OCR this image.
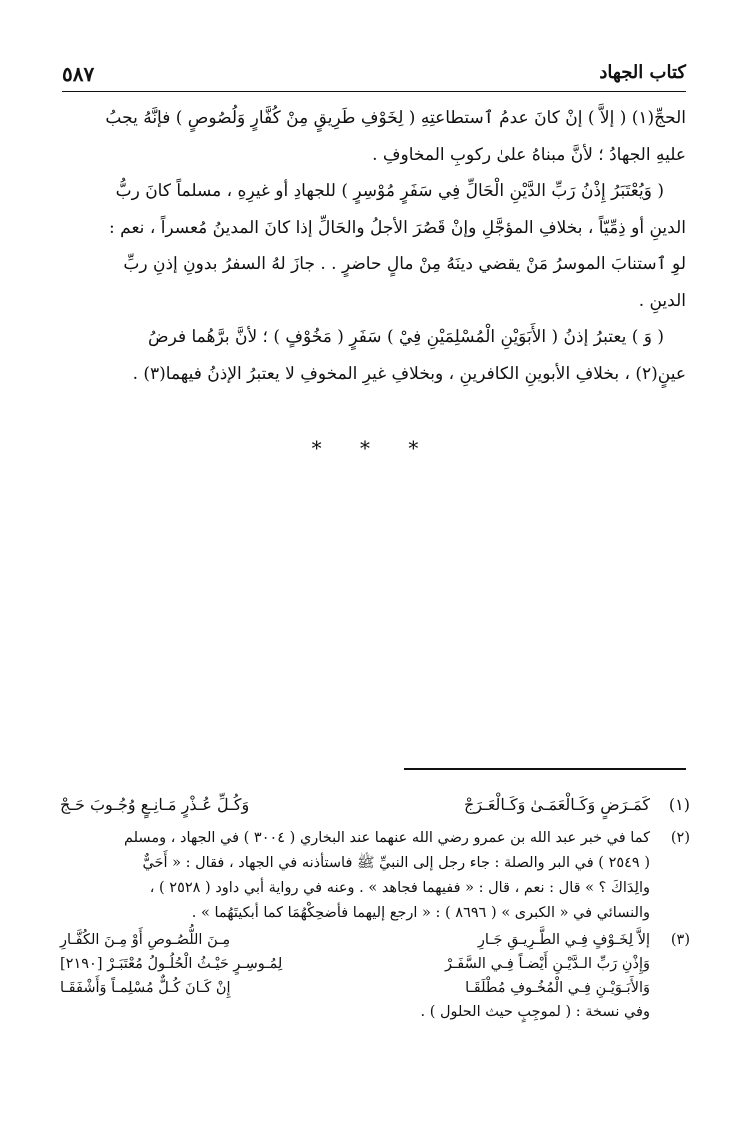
كتاب الجهاد
٥٨٧

الحجِّ(١) ( إلاَّ ) إنْ كانَ عدمُ ٱستطاعتِهِ ( لِخَوْفِ طَرِيقٍ مِنْ كُفَّارٍ وَلُصُوصٍ ) فإنَّهُ يجبُ

عليهِ الجهادُ ؛ لأنَّ مبناهُ علىٰ ركوبِ المخاوفِ .

( وَيُعْتَبَرُ إِذْنُ رَبِّ الدَّيْنِ الْحَالِّ فِي سَفَرٍ مُوْسِرٍ ) للجهادِ أو غيرِهِ ، مسلماً كانَ ربُّ

الدينِ أو ذِمِّيّاً ، بخلافِ المؤجَّلِ وإنْ قَصُرَ الأجلُ والحَالِّ إذا كانَ المدينُ مُعسراً ، نعم :

لوِ ٱستنابَ الموسرُ مَنْ يقضي دينَهُ مِنْ مالٍ حاضرٍ . . جازَ لهُ السفرُ بدونِ إذنِ ربِّ

الدينِ .

( وَ ) يعتبرُ إذنُ ( الأَبَوَيْنِ الْمُسْلِمَيْنِ فِيْ ) سَفَرٍ ( مَخُوْفٍ ) ؛ لأنَّ برَّهُما فرضُ

عينٍ(٢) ، بخلافِ الأبوينِ الكافرينِ ، وبخلافِ غيرِ المخوفِ لا يعتبرُ الإذنُ فيهما(٣) .

* * *
(١)
كَمَـرَضٍ وَكَـالْعَمَـىٰ وَكَـالْعَـرَجْ
وَكُـلِّ عُـذْرٍ مَـانِـعٍ وُجُـوبَ حَـجْ
(٢)
كما في خبر عبد الله بن عمرو رضي الله عنهما عند البخاري ( ٣٠٠٤ ) في الجهاد ، ومسلم
( ٢٥٤٩ ) في البر والصلة : جاء رجل إلى النبيِّ ﷺ فاستأذنه في الجهاد ، فقال : « أَحَيٌّ
والِدَاكَ ؟ » قال : نعم ، قال : « ففيهما فجاهد » . وعنه في رواية أبي داود ( ٢٥٢٨ ) ،
والنسائي في « الكبرى » ( ٨٦٩٦ ) : « ارجع إليهما فأضحِكْهُمَا كما أبكيتَهُما » .
(٣)
إلاَّ لِخَـوْفٍ فِـي الطَّـرِيـقِ جَـارِ
مِـنَ اللُّصُـوصِ أَوْ مِـنَ الكُفَّـارِ
وَإِذْنِ رَبِّ الـدَّيْـنِ أَيْضـاً فِـي السَّفَـرْ
لِمُـوسِـرٍ حَيْـثُ الْحُلُـولُ مُعْتَبَـرْ [٢١٩٠]
وَالأَبَـوَيْـنِ فِـي الْمُخُـوفِ مُطْلَقَـا
إِنْ كَـانَ كُـلٌّ مُسْلِمـاً وَأَشْفَقَـا
وفي نسخة : ( لموجِبٍ حيث الحلول ) .
